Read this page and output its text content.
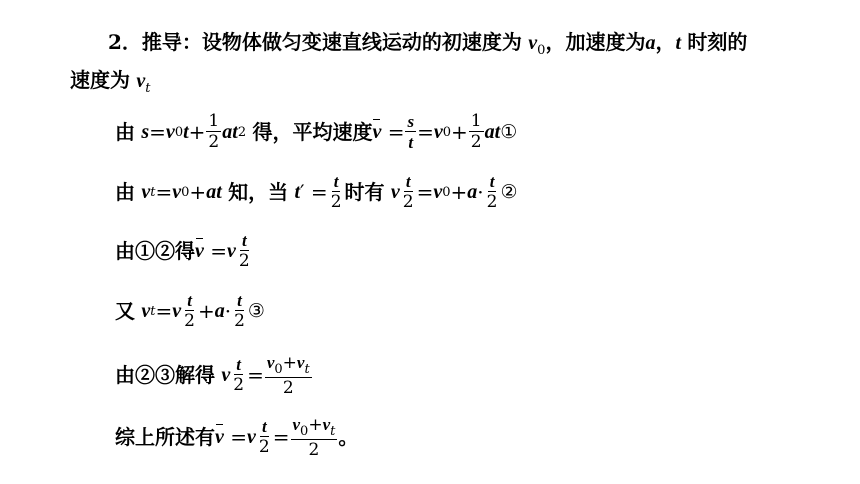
2．推导：设物体做匀变速直线运动的初速度为 $v_0$，加速度为a，t 时刻的
速度为 $v_t$
由
s = v 0 $t + \frac{1}{2}$ at 2
得，平均速度 $v = \frac{s}{t} = v$ $0 + \frac{1}{2}$ at ①
由
v t = v 0 + at
知，当
t ′ = $\frac{t}{2}$ 时有
v $\frac{t}{2} = v$ $0 + a \cdot \frac{t}{2}$ ②
由①②得 v = v $\frac{t}{2}$
又
v t = v $\frac{t}{2} + a \cdot \frac{t}{2}$ ③
由②③解得
v $\frac{t}{2} = \frac{v_0+v_t}{2}$
综上所述有 v = v $\frac{t}{2} = \frac{v_0+v_t}{2}$ 。
